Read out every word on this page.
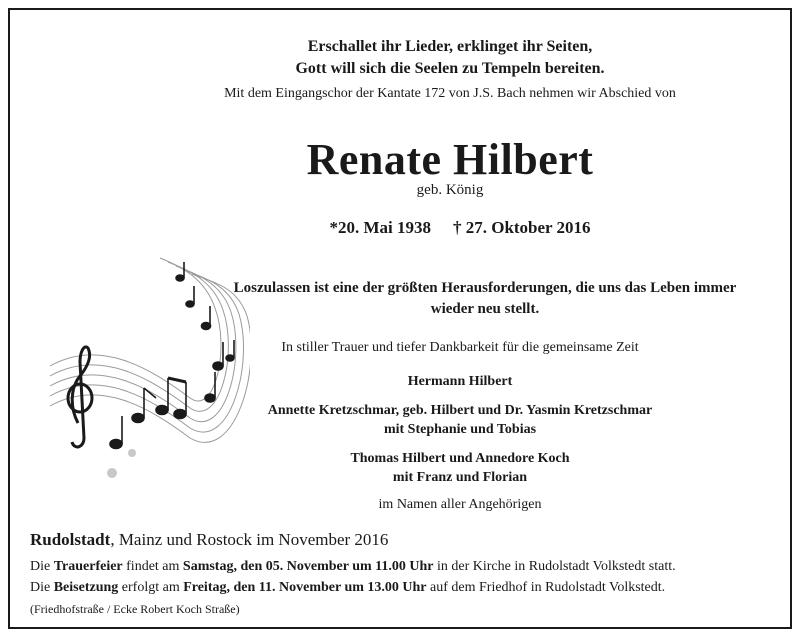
Erschallet ihr Lieder, erklinget ihr Seiten,
Gott will sich die Seelen zu Tempeln bereiten.
Mit dem Eingangschor der Kantate 172 von J.S. Bach nehmen wir Abschied von
Renate Hilbert
geb. König
*20. Mai 1938 † 27. Oktober 2016
Loszulassen ist eine der größten Herausforderungen, die uns das Leben immer
wieder neu stellt.
In stiller Trauer und tiefer Dankbarkeit für die gemeinsame Zeit
Hermann Hilbert
Annette Kretzschmar, geb. Hilbert und Dr. Yasmin Kretzschmar
mit Stephanie und Tobias
Thomas Hilbert und Annedore Koch
mit Franz und Florian
im Namen aller Angehörigen
Rudolstadt, Mainz und Rostock im November 2016
Die Trauerfeier findet am Samstag, den 05. November um 11.00 Uhr in der Kirche in Rudolstadt Volkstedt statt.
Die Beisetzung erfolgt am Freitag, den 11. November um 13.00 Uhr auf dem Friedhof in Rudolstadt Volkstedt.
(Friedhofstraße / Ecke Robert Koch Straße)
